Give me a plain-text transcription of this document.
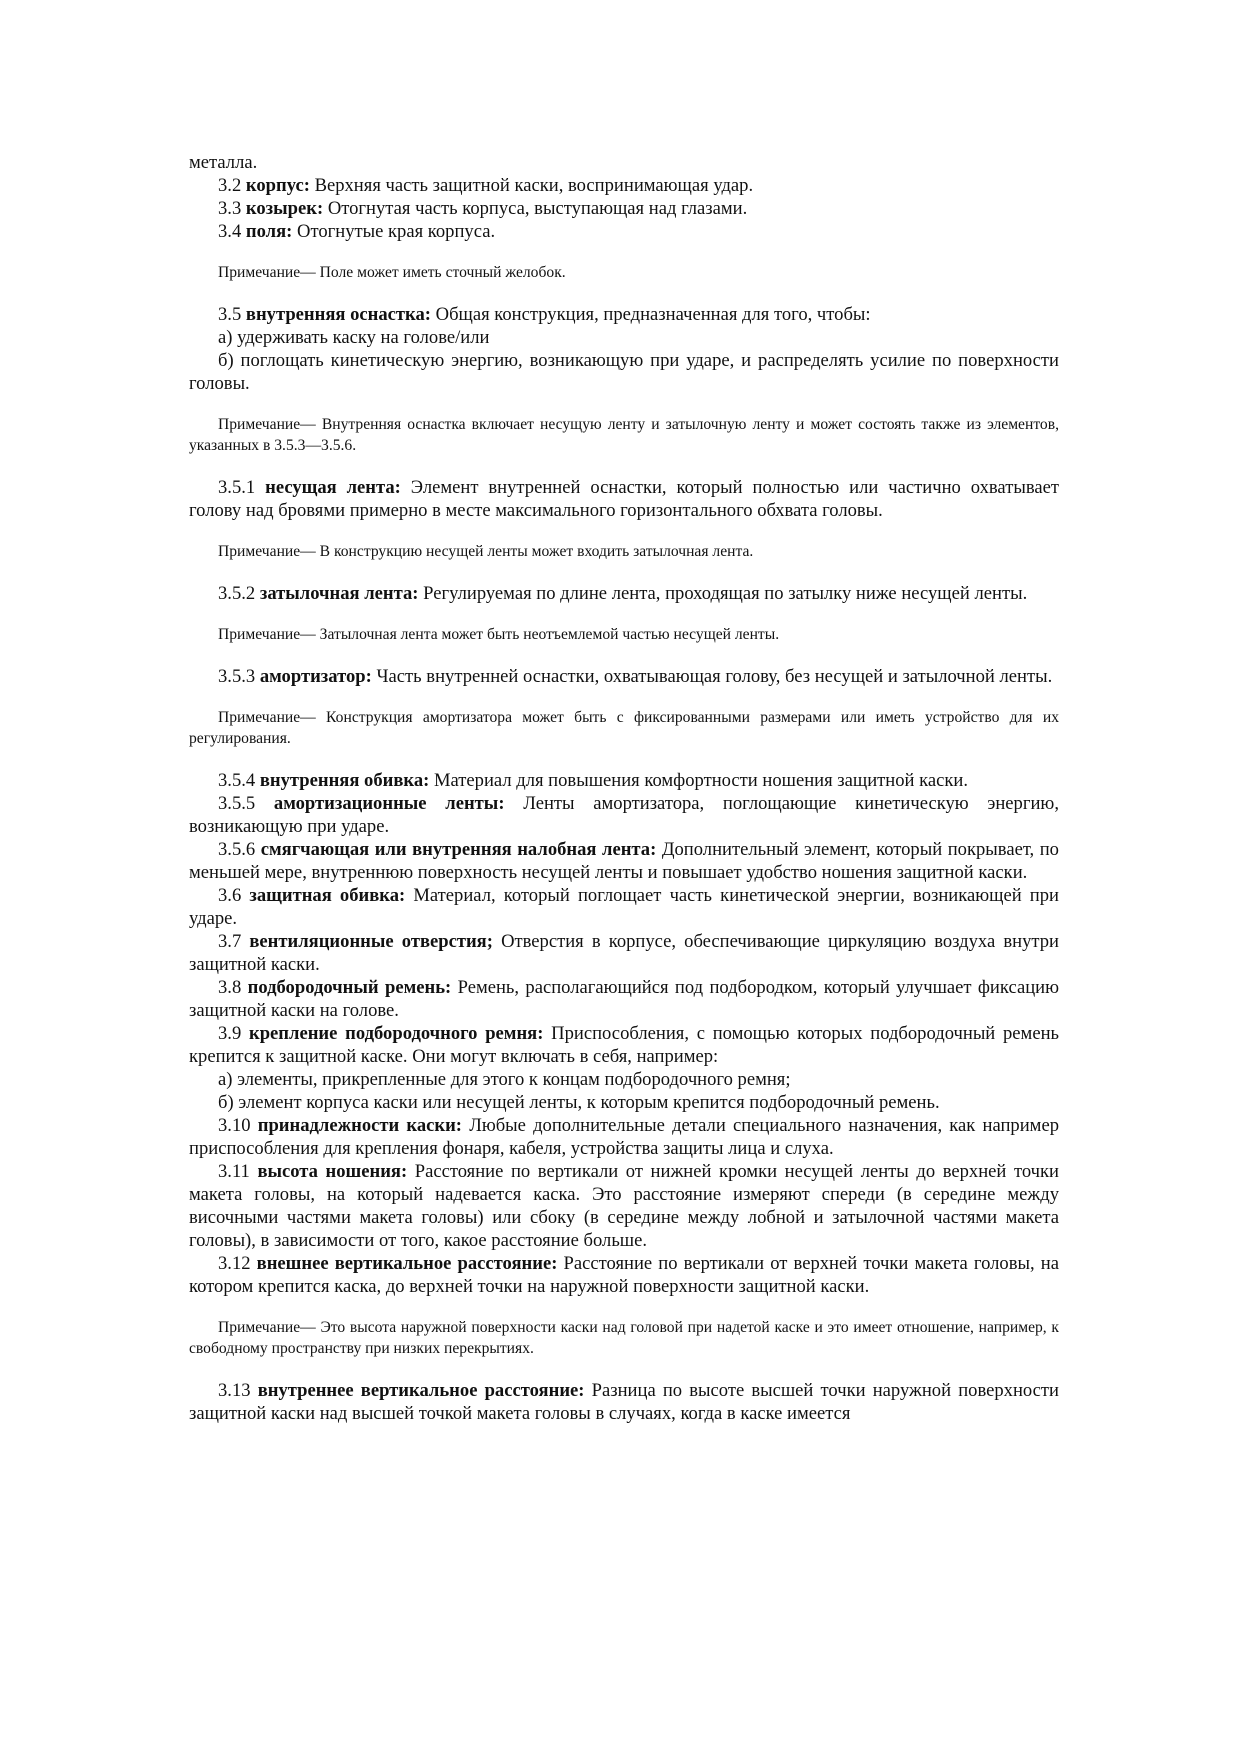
металла.

3.2 корпус: Верхняя часть защитной каски, воспринимающая удар.

3.3 козырек: Отогнутая часть корпуса, выступающая над глазами.

3.4 поля: Отогнутые края корпуса.

Примечание— Поле может иметь сточный желобок.

3.5 внутренняя оснастка: Общая конструкция, предназначенная для того, чтобы:

а) удерживать каску на голове/или

б) поглощать кинетическую энергию, возникающую при ударе, и распределять усилие по поверхности головы.

Примечание— Внутренняя оснастка включает несущую ленту и затылочную ленту и может состоять также из элементов, указанных в 3.5.3—3.5.6.

3.5.1 несущая лента: Элемент внутренней оснастки, который полностью или частично охватывает голову над бровями примерно в месте максимального горизонтального обхвата головы.

Примечание— В конструкцию несущей ленты может входить затылочная лента.

3.5.2 затылочная лента: Регулируемая по длине лента, проходящая по затылку ниже несущей ленты.

Примечание— Затылочная лента может быть неотъемлемой частью несущей ленты.

3.5.3 амортизатор: Часть внутренней оснастки, охватывающая голову, без несущей и затылочной ленты.

Примечание— Конструкция амортизатора может быть с фиксированными размерами или иметь устройство для их регулирования.

3.5.4 внутренняя обивка: Материал для повышения комфортности ношения защитной каски.

3.5.5 амортизационные ленты: Ленты амортизатора, поглощающие кинетическую энергию, возникающую при ударе.

3.5.6 смягчающая или внутренняя налобная лента: Дополнительный элемент, который покрывает, по меньшей мере, внутреннюю поверхность несущей ленты и повышает удобство ношения защитной каски.

3.6 защитная обивка: Материал, который поглощает часть кинетической энергии, возникающей при ударе.

3.7 вентиляционные отверстия; Отверстия в корпусе, обеспечивающие циркуляцию воздуха внутри защитной каски.

3.8 подбородочный ремень: Ремень, располагающийся под подбородком, который улучшает фиксацию защитной каски на голове.

3.9 крепление подбородочного ремня: Приспособления, с помощью которых подбородочный ремень крепится к защитной каске. Они могут включать в себя, например:

а) элементы, прикрепленные для этого к концам подбородочного ремня;

б) элемент корпуса каски или несущей ленты, к которым крепится подбородочный ремень.

3.10 принадлежности каски: Любые дополнительные детали специального назначения, как например приспособления для крепления фонаря, кабеля, устройства защиты лица и слуха.

3.11 высота ношения: Расстояние по вертикали от нижней кромки несущей ленты до верхней точки макета головы, на который надевается каска. Это расстояние измеряют спереди (в середине между височными частями макета головы) или сбоку (в середине между лобной и затылочной частями макета головы), в зависимости от того, какое расстояние больше.

3.12 внешнее вертикальное расстояние: Расстояние по вертикали от верхней точки макета головы, на котором крепится каска, до верхней точки на наружной поверхности защитной каски.

Примечание— Это высота наружной поверхности каски над головой при надетой каске и это имеет отношение, например, к свободному пространству при низких перекрытиях.

3.13 внутреннее вертикальное расстояние: Разница по высоте высшей точки наружной поверхности защитной каски над высшей точкой макета головы в случаях, когда в каске имеется
